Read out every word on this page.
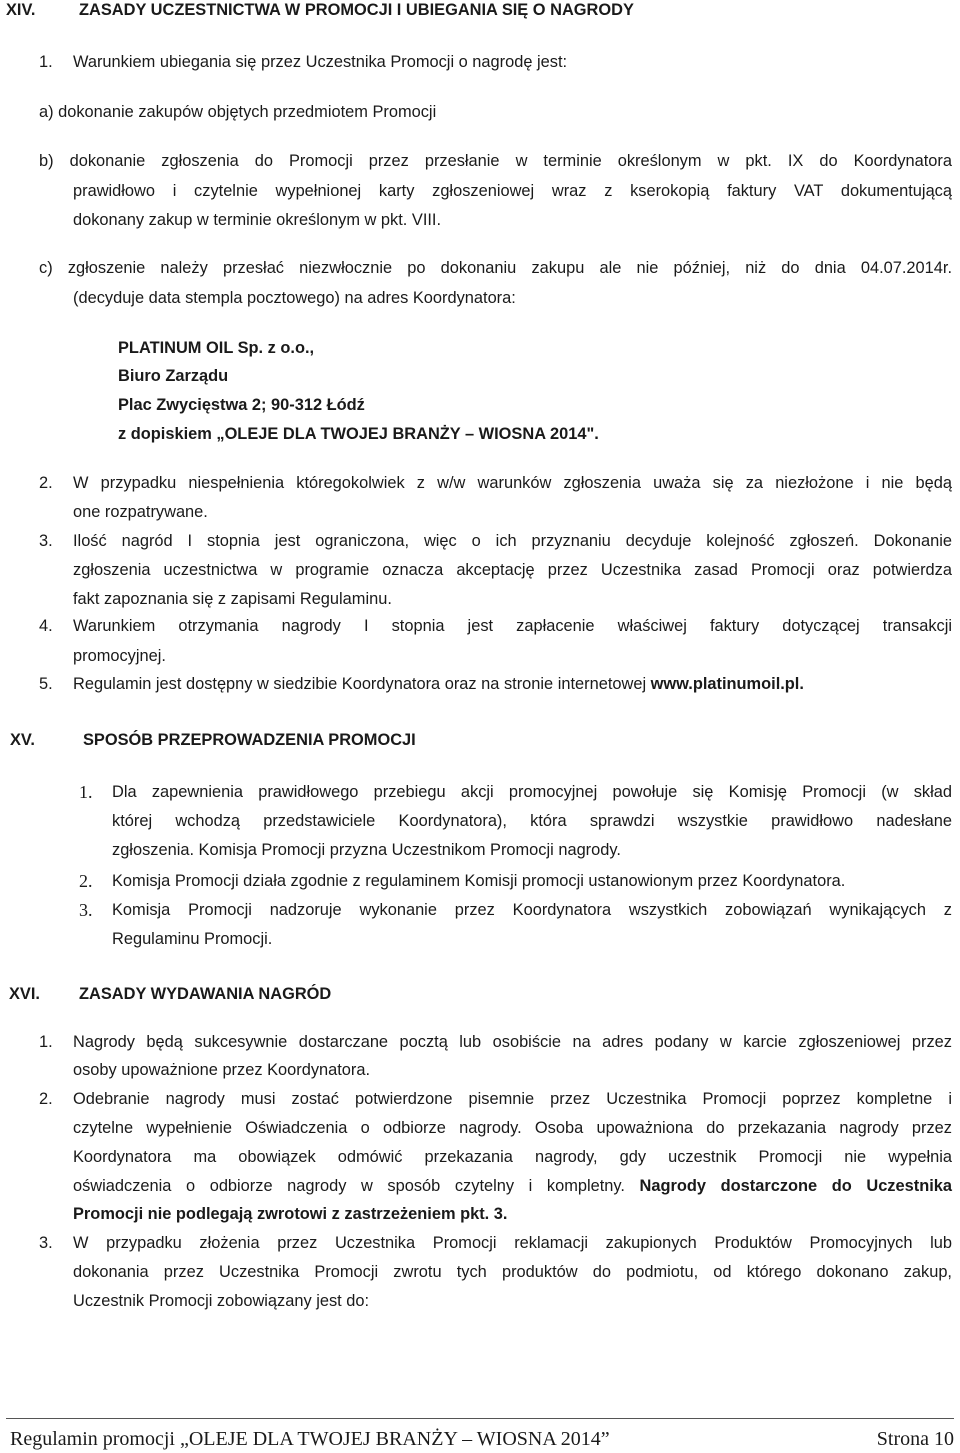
XIV.	ZASADY UCZESTNICTWA W PROMOCJI I UBIEGANIA SIĘ O NAGRODY
1. Warunkiem ubiegania się przez Uczestnika Promocji o nagrodę jest:
a) dokonanie zakupów objętych przedmiotem Promocji
b) dokonanie zgłoszenia do Promocji przez przesłanie w terminie określonym w pkt. IX do Koordynatora
prawidłowo i czytelnie wypełnionej karty zgłoszeniowej wraz z kserokopią faktury VAT dokumentującą
dokonany zakup w terminie określonym w pkt. VIII.
c) zgłoszenie należy przesłać niezwłocznie po dokonaniu zakupu ale nie później, niż do dnia 04.07.2014r.
(decyduje data stempla pocztowego) na adres Koordynatora:
PLATINUM OIL Sp. z o.o.,
Biuro Zarządu
Plac Zwycięstwa 2; 90-312 Łódź
z dopiskiem „OLEJE DLA TWOJEJ BRANŻY – WIOSNA 2014".
2. W przypadku niespełnienia któregokolwiek z w/w warunków zgłoszenia uważa się za niezłożone i nie będą
one rozpatrywane.
3. Ilość nagród I stopnia jest ograniczona, więc o ich przyznaniu decyduje kolejność zgłoszeń. Dokonanie
zgłoszenia uczestnictwa w programie oznacza akceptację przez Uczestnika zasad Promocji oraz potwierdza
fakt zapoznania się z zapisami Regulaminu.
4. Warunkiem otrzymania nagrody I stopnia jest zapłacenie właściwej faktury dotyczącej transakcji
promocyjnej.
5. Regulamin jest dostępny w siedzibie Koordynatora oraz na stronie internetowej www.platinumoil.pl.
XV.	SPOSÓB PRZEPROWADZENIA PROMOCJI
1. Dla zapewnienia prawidłowego przebiegu akcji promocyjnej powołuje się Komisję Promocji (w skład
której wchodzą przedstawiciele Koordynatora), która sprawdzi wszystkie prawidłowo nadesłane
zgłoszenia. Komisja Promocji przyzna Uczestnikom Promocji nagrody.
2. Komisja Promocji działa zgodnie z regulaminem Komisji promocji ustanowionym przez Koordynatora.
3. Komisja Promocji nadzoruje wykonanie przez Koordynatora wszystkich zobowiązań wynikających z
Regulaminu Promocji.
XVI. ZASADY WYDAWANIA NAGRÓD
1. Nagrody będą sukcesywnie dostarczane pocztą lub osobiście na adres podany w karcie zgłoszeniowej przez
osoby upoważnione przez Koordynatora.
2. Odebranie nagrody musi zostać potwierdzone pisemnie przez Uczestnika Promocji poprzez kompletne i
czytelne wypełnienie Oświadczenia o odbiorze nagrody. Osoba upoważniona do przekazania nagrody przez
Koordynatora ma obowiązek odmówić przekazania nagrody, gdy uczestnik Promocji nie wypełnia
oświadczenia o odbiorze nagrody w sposób czytelny i kompletny. Nagrody dostarczone do Uczestnika
Promocji nie podlegają zwrotowi z zastrzeżeniem pkt. 3.
3. W przypadku złożenia przez Uczestnika Promocji reklamacji zakupionych Produktów Promocyjnych lub
dokonania przez Uczestnika Promocji zwrotu tych produktów do podmiotu, od którego dokonano zakup,
Uczestnik Promocji zobowiązany jest do:
Regulamin promocji „OLEJE DLA TWOJEJ BRANŻY – WIOSNA 2014”	Strona 10
